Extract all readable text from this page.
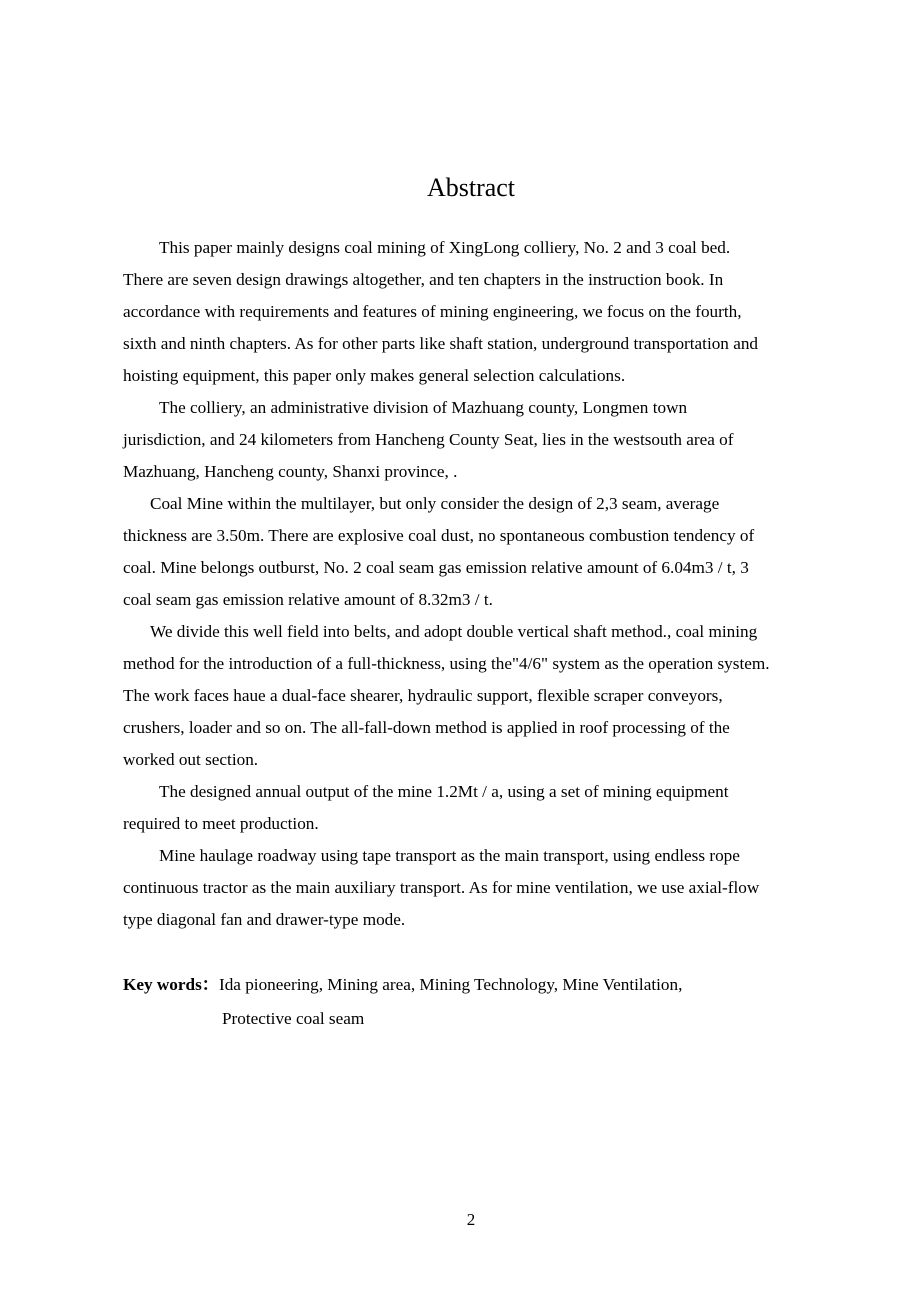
Abstract

This paper mainly designs coal mining of XingLong colliery, No. 2 and 3 coal bed.
There are seven design drawings altogether, and ten chapters in the instruction book. In
accordance with requirements and features of mining engineering, we focus on the fourth,
sixth and ninth chapters. As for other parts like shaft station, underground transportation and
hoisting equipment, this paper only makes general selection calculations.

The colliery, an administrative division of Mazhuang county, Longmen town
jurisdiction, and 24 kilometers from Hancheng County Seat, lies in the westsouth area of
Mazhuang, Hancheng county, Shanxi province, .

Coal Mine within the multilayer, but only consider the design of 2,3 seam, average
thickness are 3.50m. There are explosive coal dust, no spontaneous combustion tendency of
coal. Mine belongs outburst, No. 2 coal seam gas emission relative amount of 6.04m3 / t, 3
coal seam gas emission relative amount of 8.32m3 / t.

We divide this well field into belts, and adopt double vertical shaft method., coal mining
method for the introduction of a full-thickness, using the"4/6" system as the operation system.
The work faces haue a dual-face shearer, hydraulic support, flexible scraper conveyors,
crushers, loader and so on. The all-fall-down method is applied in roof processing of the
worked out section.

The designed annual output of the mine 1.2Mt / a, using a set of mining equipment
required to meet production.

Mine haulage roadway using tape transport as the main transport, using endless rope
continuous tractor as the main auxiliary transport. As for mine ventilation, we use axial-flow
type diagonal fan and drawer-type mode.

Key words：Ida pioneering, Mining area, Mining Technology, Mine Ventilation,
Protective coal seam
2
